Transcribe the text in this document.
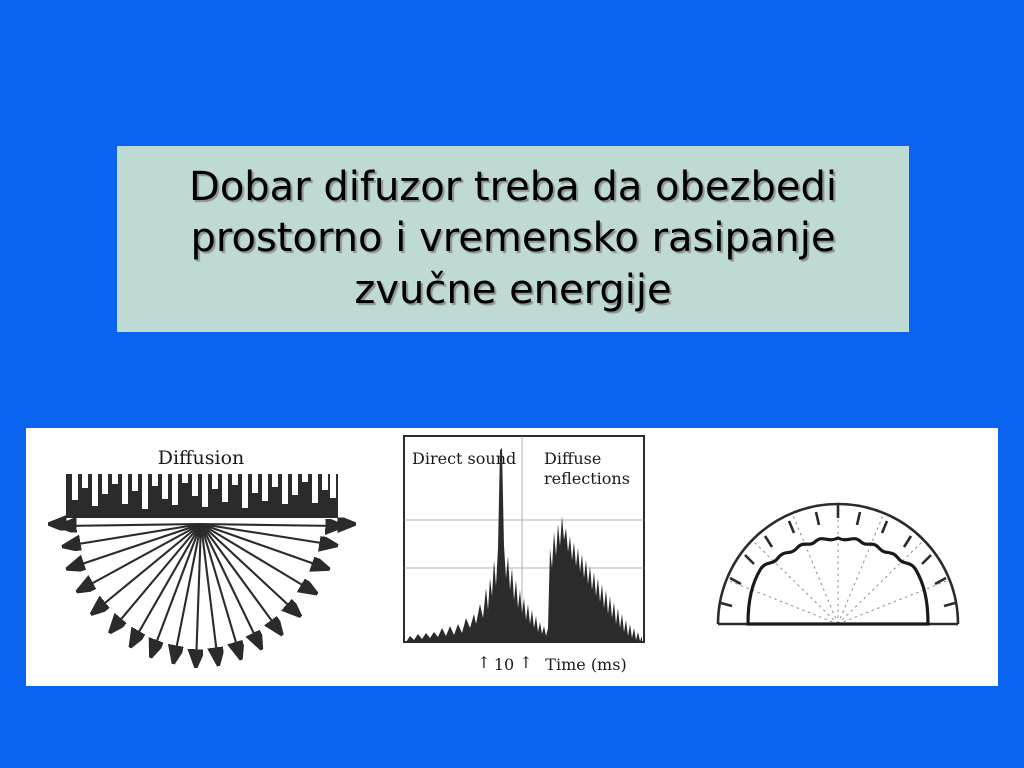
Dobar difuzor treba da obezbedi prostorno i vremensko rasipanje zvučne energije
Diffusion	Direct sound Diffuse
reflections
↑ 10 ↑ Time (ms)
